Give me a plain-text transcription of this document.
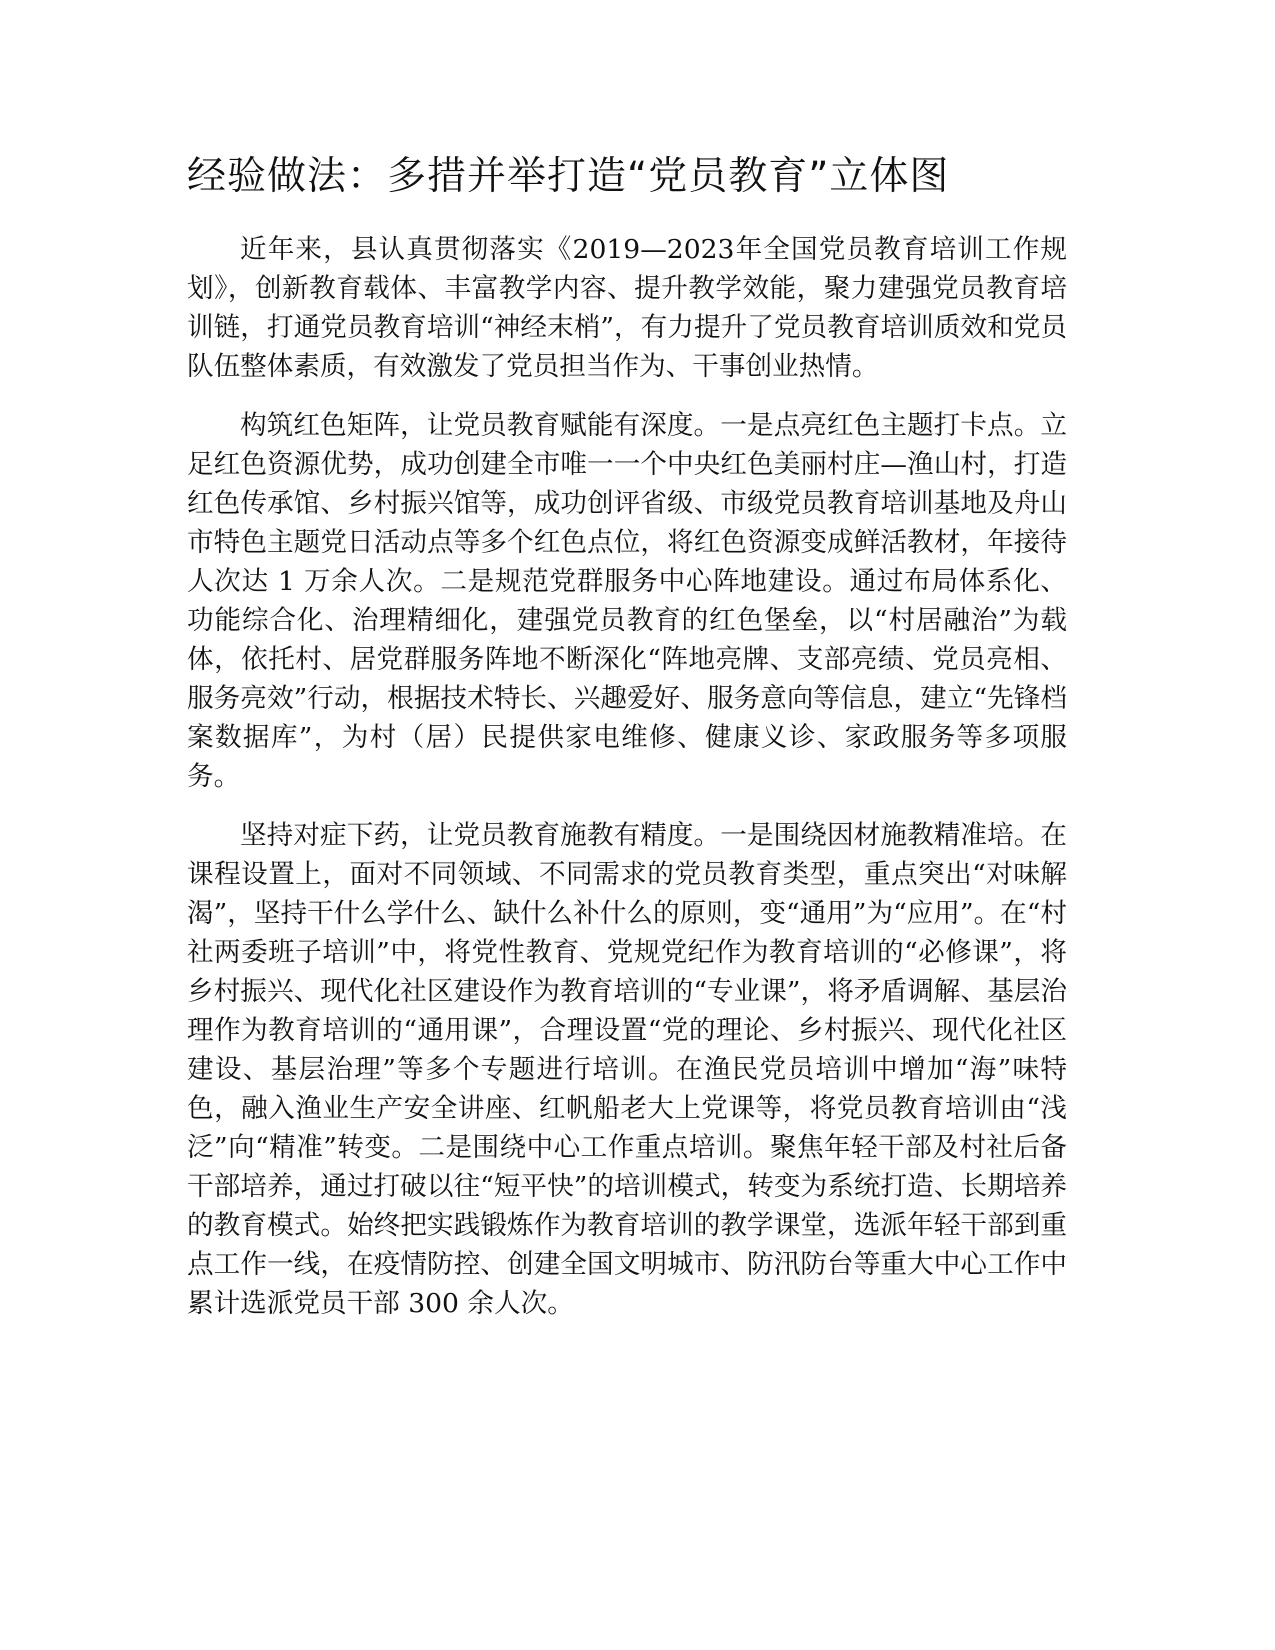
经验做法：多措并举打造“党员教育”立体图

近年来，县认真贯彻落实《2019—2023年全国党员教育培训工作规划》，创新教育载体、丰富教学内容、提升教学效能，聚力建强党员教育培训链，打通党员教育培训“神经末梢”，有力提升了党员教育培训质效和党员队伍整体素质，有效激发了党员担当作为、干事创业热情。

构筑红色矩阵，让党员教育赋能有深度。一是点亮红色主题打卡点。立足红色资源优势，成功创建全市唯一一个中央红色美丽村庄—渔山村，打造红色传承馆、乡村振兴馆等，成功创评省级、市级党员教育培训基地及舟山市特色主题党日活动点等多个红色点位，将红色资源变成鲜活教材，年接待人次达 1 万余人次。二是规范党群服务中心阵地建设。通过布局体系化、功能综合化、治理精细化，建强党员教育的红色堡垒，以“村居融治”为载体，依托村、居党群服务阵地不断深化“阵地亮牌、支部亮绩、党员亮相、服务亮效”行动，根据技术特长、兴趣爱好、服务意向等信息，建立“先锋档案数据库”，为村（居）民提供家电维修、健康义诊、家政服务等多项服务。

坚持对症下药，让党员教育施教有精度。一是围绕因材施教精准培。在课程设置上，面对不同领域、不同需求的党员教育类型，重点突出“对味解渴”，坚持干什么学什么、缺什么补什么的原则，变“通用”为“应用”。在“村社两委班子培训”中，将党性教育、党规党纪作为教育培训的“必修课”，将乡村振兴、现代化社区建设作为教育培训的“专业课”，将矛盾调解、基层治理作为教育培训的“通用课”，合理设置“党的理论、乡村振兴、现代化社区建设、基层治理”等多个专题进行培训。在渔民党员培训中增加“海”味特色，融入渔业生产安全讲座、红帆船老大上党课等，将党员教育培训由“浅泛”向“精准”转变。二是围绕中心工作重点培训。聚焦年轻干部及村社后备干部培养，通过打破以往“短平快”的培训模式，转变为系统打造、长期培养的教育模式。始终把实践锻炼作为教育培训的教学课堂，选派年轻干部到重点工作一线，在疫情防控、创建全国文明城市、防汛防台等重大中心工作中累计选派党员干部 300 余人次。
